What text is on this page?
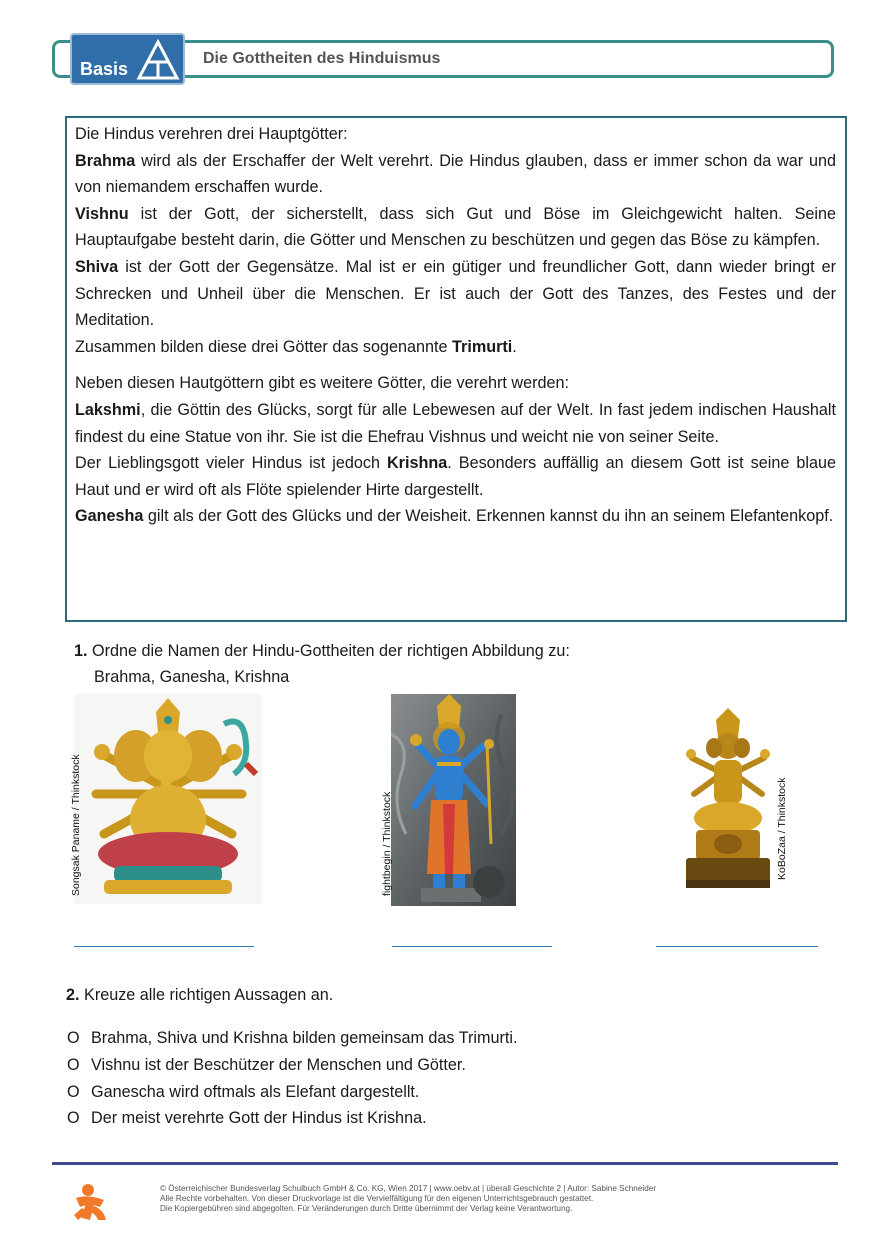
Basis
Die Gottheiten des Hinduismus

Die Hindus verehren drei Hauptgötter:

Brahma wird als der Erschaffer der Welt verehrt. Die Hindus glauben, dass er immer schon da war und von niemandem erschaffen wurde.

Vishnu ist der Gott, der sicherstellt, dass sich Gut und Böse im Gleichgewicht halten. Seine Hauptaufgabe besteht darin, die Götter und Menschen zu beschützen und gegen das Böse zu kämpfen.

Shiva ist der Gott der Gegensätze. Mal ist er ein gütiger und freundlicher Gott, dann wieder bringt er Schrecken und Unheil über die Menschen. Er ist auch der Gott des Tanzes, des Festes und der Meditation.

Zusammen bilden diese drei Götter das sogenannte Trimurti.

Neben diesen Hautgöttern gibt es weitere Götter, die verehrt werden:

Lakshmi, die Göttin des Glücks, sorgt für alle Lebewesen auf der Welt. In fast jedem indischen Haushalt findest du eine Statue von ihr. Sie ist die Ehefrau Vishnus und weicht nie von seiner Seite.

Der Lieblingsgott vieler Hindus ist jedoch Krishna. Besonders auffällig an diesem Gott ist seine blaue Haut und er wird oft als Flöte spielender Hirte dargestellt.

Ganesha gilt als der Gott des Glücks und der Weisheit. Erkennen kannst du ihn an seinem Elefantenkopf.

1. Ordne die Namen der Hindu-Gottheiten der richtigen Abbildung zu:
Brahma, Ganesha, Krishna
Songsak Paname / Thinkstock	fightbegin / Thinkstock	KoBoZaa / Thinkstock
2. Kreuze alle richtigen Aussagen an.
O Brahma, Shiva und Krishna bilden gemeinsam das Trimurti.
O Vishnu ist der Beschützer der Menschen und Götter.
O Ganescha wird oftmals als Elefant dargestellt.
O Der meist verehrte Gott der Hindus ist Krishna.
© Österreichischer Bundesverlag Schulbuch GmbH & Co. KG, Wien 2017 | www.oebv.at | überall Geschichte 2 | Autor: Sabine Schneider
Alle Rechte vorbehalten. Von dieser Druckvorlage ist die Vervielfältigung für den eigenen Unterrichtsgebrauch gestattet.
Die Kopiergebühren sind abgegolten. Für Veränderungen durch Dritte übernimmt der Verlag keine Verantwortung.
